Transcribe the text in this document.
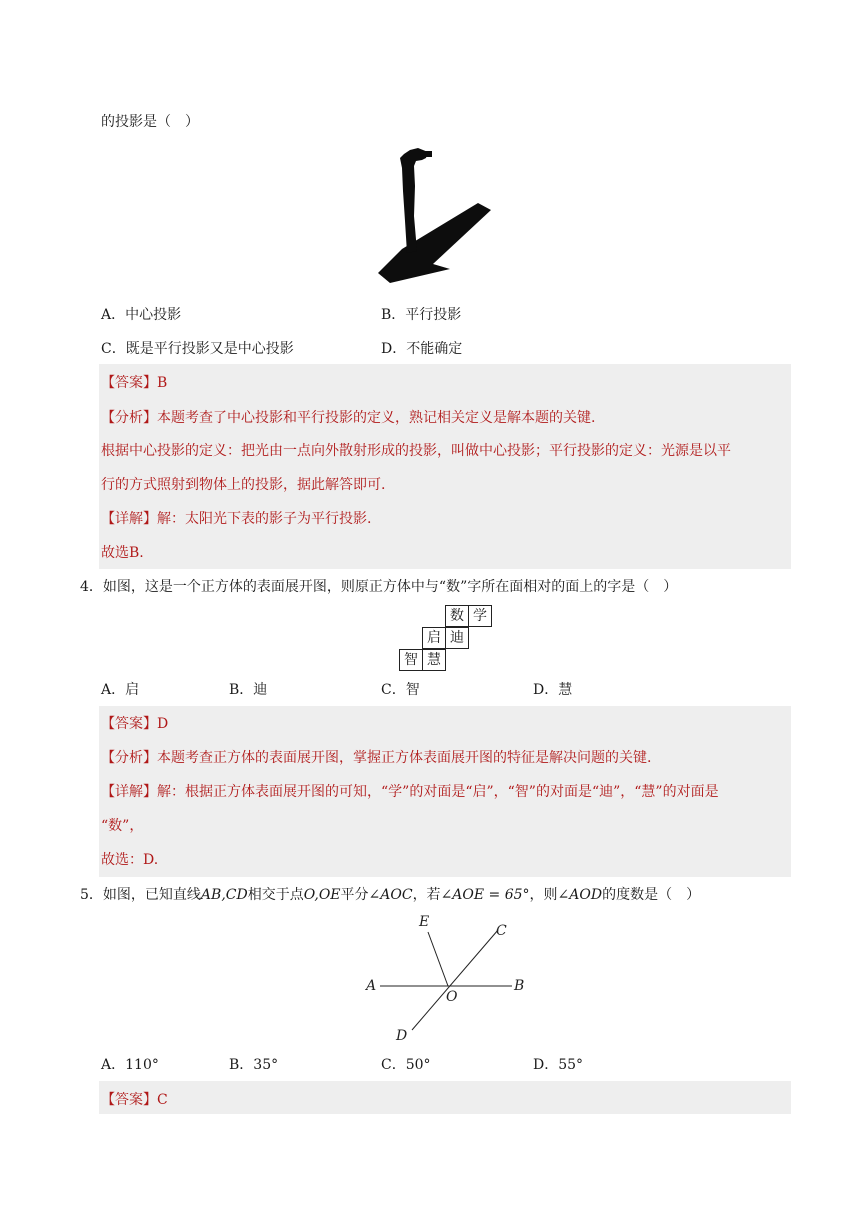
的投影是（　）
A．中心投影	B．平行投影
C．既是平行投影又是中心投影	D．不能确定
【答案】B
【分析】本题考查了中心投影和平行投影的定义，熟记相关定义是解本题的关键.
根据中心投影的定义：把光由一点向外散射形成的投影，叫做中心投影；平行投影的定义：光源是以平
行的方式照射到物体上的投影，据此解答即可.
【详解】解：太阳光下表的影子为平行投影.
故选B.
4．如图，这是一个正方体的表面展开图，则原正方体中与“数”字所在面相对的面上的字是（　）
数 学
启 迪
智 慧
A．启	B．迪	C．智	D．慧
【答案】D
【分析】本题考查正方体的表面展开图，掌握正方体表面展开图的特征是解决问题的关键.
【详解】解：根据正方体表面展开图的可知，“学”的对面是“启”，“智”的对面是“迪”，“慧”的对面是
“数”，
故选：D.
5．如图，已知直线AB,CD相交于点O,OE平分∠AOC，若∠AOE = 65°，则∠AOD的度数是（　）
A	B
C
D
E
O
A．110°	B．35°	C．50°	D．55°
【答案】C
